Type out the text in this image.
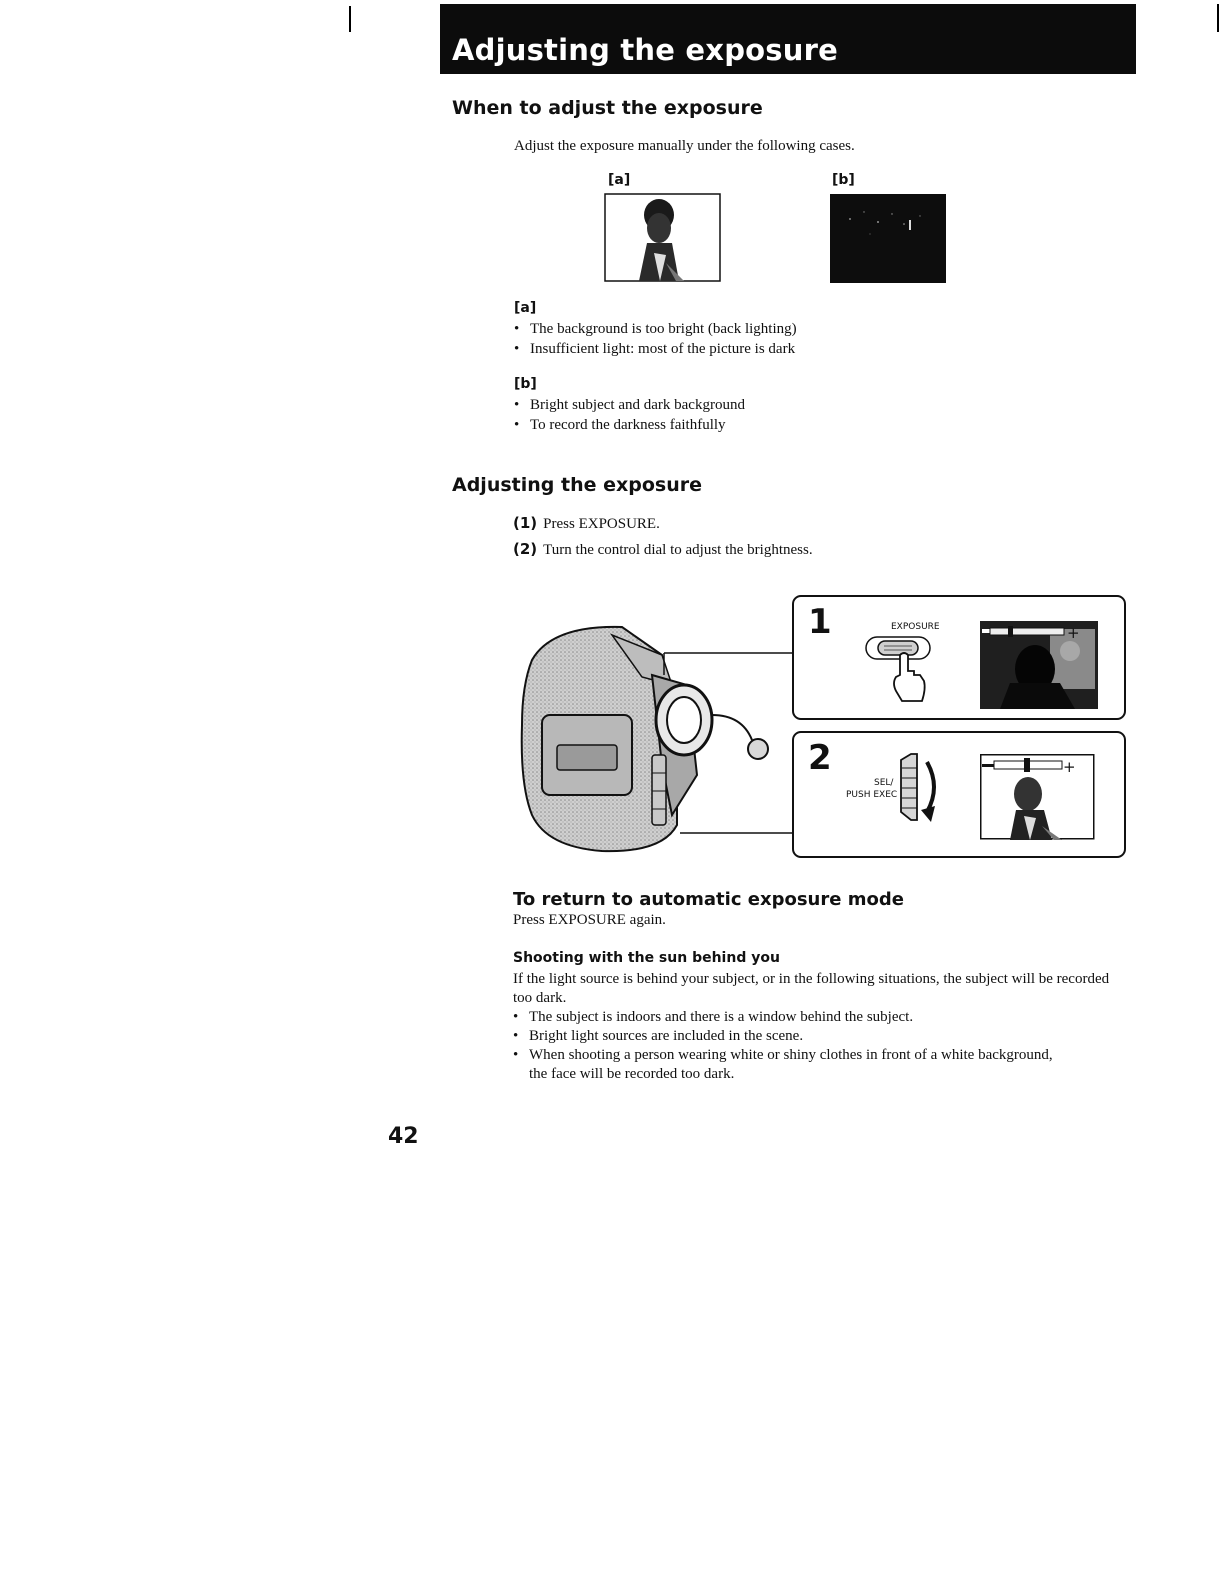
Adjusting the exposure
When to adjust the exposure
Adjust the exposure manually under the following cases.
[a]	[b]
[a]
• The background is too bright (back lighting)
• Insufficient light: most of the picture is dark
[b]
• Bright subject and dark background
• To record the darkness faithfully
Adjusting the exposure
(1) Press EXPOSURE.
(2) Turn the control dial to adjust the brightness.
1	EXPOSURE	+
2
SEL/
PUSH EXEC
+
To return to automatic exposure mode
Press EXPOSURE again.
Shooting with the sun behind you
If the light source is behind your subject, or in the following situations, the subject will be recorded too dark.
• The subject is indoors and there is a window behind the subject.
• Bright light sources are included in the scene.
• When shooting a person wearing white or shiny clothes in front of a white background, the face will be recorded too dark.
42
